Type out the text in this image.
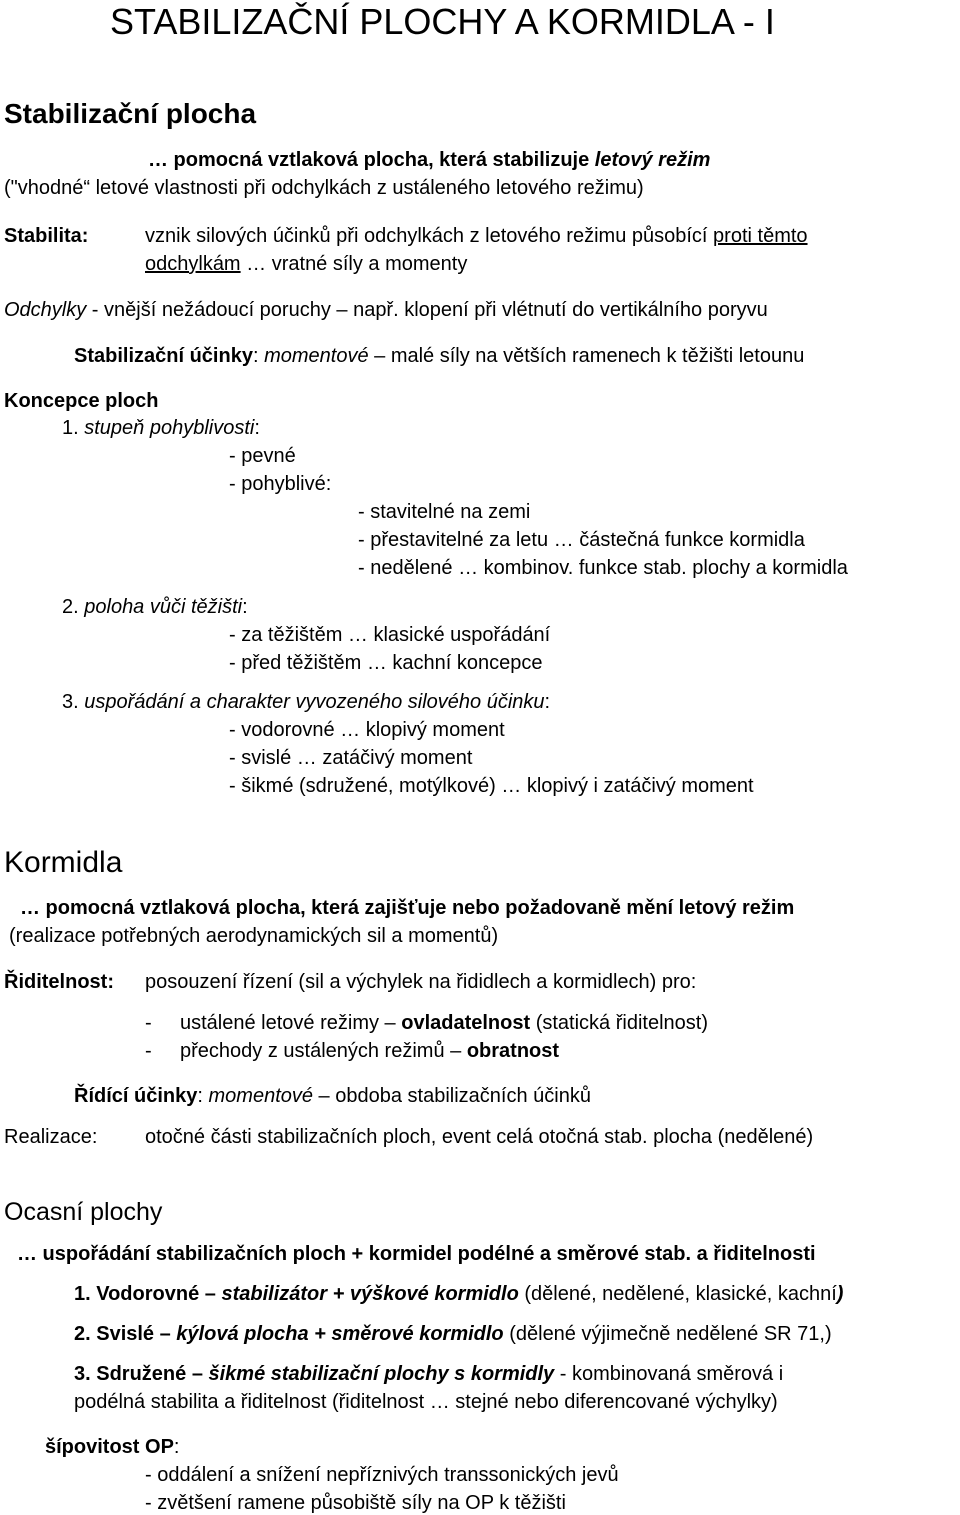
STABILIZAČNÍ PLOCHY A KORMIDLA - I
Stabilizační plocha
… pomocná vztlaková plocha, která stabilizuje letový režim
("vhodné“ letové vlastnosti při odchylkách z ustáleného letového režimu)
Stabilita:	vznik silových účinků při odchylkách z letového režimu působící proti těmto
odchylkám … vratné síly a momenty
Odchylky - vnější nežádoucí poruchy – např. klopení při vlétnutí do vertikálního poryvu
Stabilizační účinky: momentové – malé síly na větších ramenech k těžišti letounu
Koncepce ploch
1. stupeň pohyblivosti:
- pevné
- pohyblivé:
- stavitelné na zemi
- přestavitelné za letu … částečná funkce kormidla
- nedělené … kombinov. funkce stab. plochy a kormidla
2. poloha vůči těžišti:
- za těžištěm … klasické uspořádání
- před těžištěm … kachní koncepce
3. uspořádání a charakter vyvozeného silového účinku:
- vodorovné … klopivý moment
- svislé … zatáčivý moment
- šikmé (sdružené, motýlkové) … klopivý i zatáčivý moment
Kormidla
… pomocná vztlaková plocha, která zajišťuje nebo požadovaně mění letový režim
(realizace potřebných aerodynamických sil a momentů)
Řiditelnost: posouzení řízení (sil a výchylek na řididlech a kormidlech) pro:
- ustálené letové režimy – ovladatelnost (statická řiditelnost)
- přechody z ustálených režimů – obratnost
Řídící účinky: momentové – obdoba stabilizačních účinků
Realizace: otočné části stabilizačních ploch, event celá otočná stab. plocha (nedělené)
Ocasní plochy
… uspořádání stabilizačních ploch + kormidel podélné a směrové stab. a řiditelnosti
1. Vodorovné – stabilizátor + výškové kormidlo (dělené, nedělené, klasické, kachní)
2. Svislé – kýlová plocha + směrové kormidlo (dělené výjimečně nedělené SR 71,)
3. Sdružené – šikmé stabilizační plochy s kormidly - kombinovaná směrová i
podélná stabilita a řiditelnost (řiditelnost … stejné nebo diferencované výchylky)
šípovitost OP:
- oddálení a snížení nepříznivých transsonických jevů
- zvětšení ramene působiště síly na OP k těžišti
